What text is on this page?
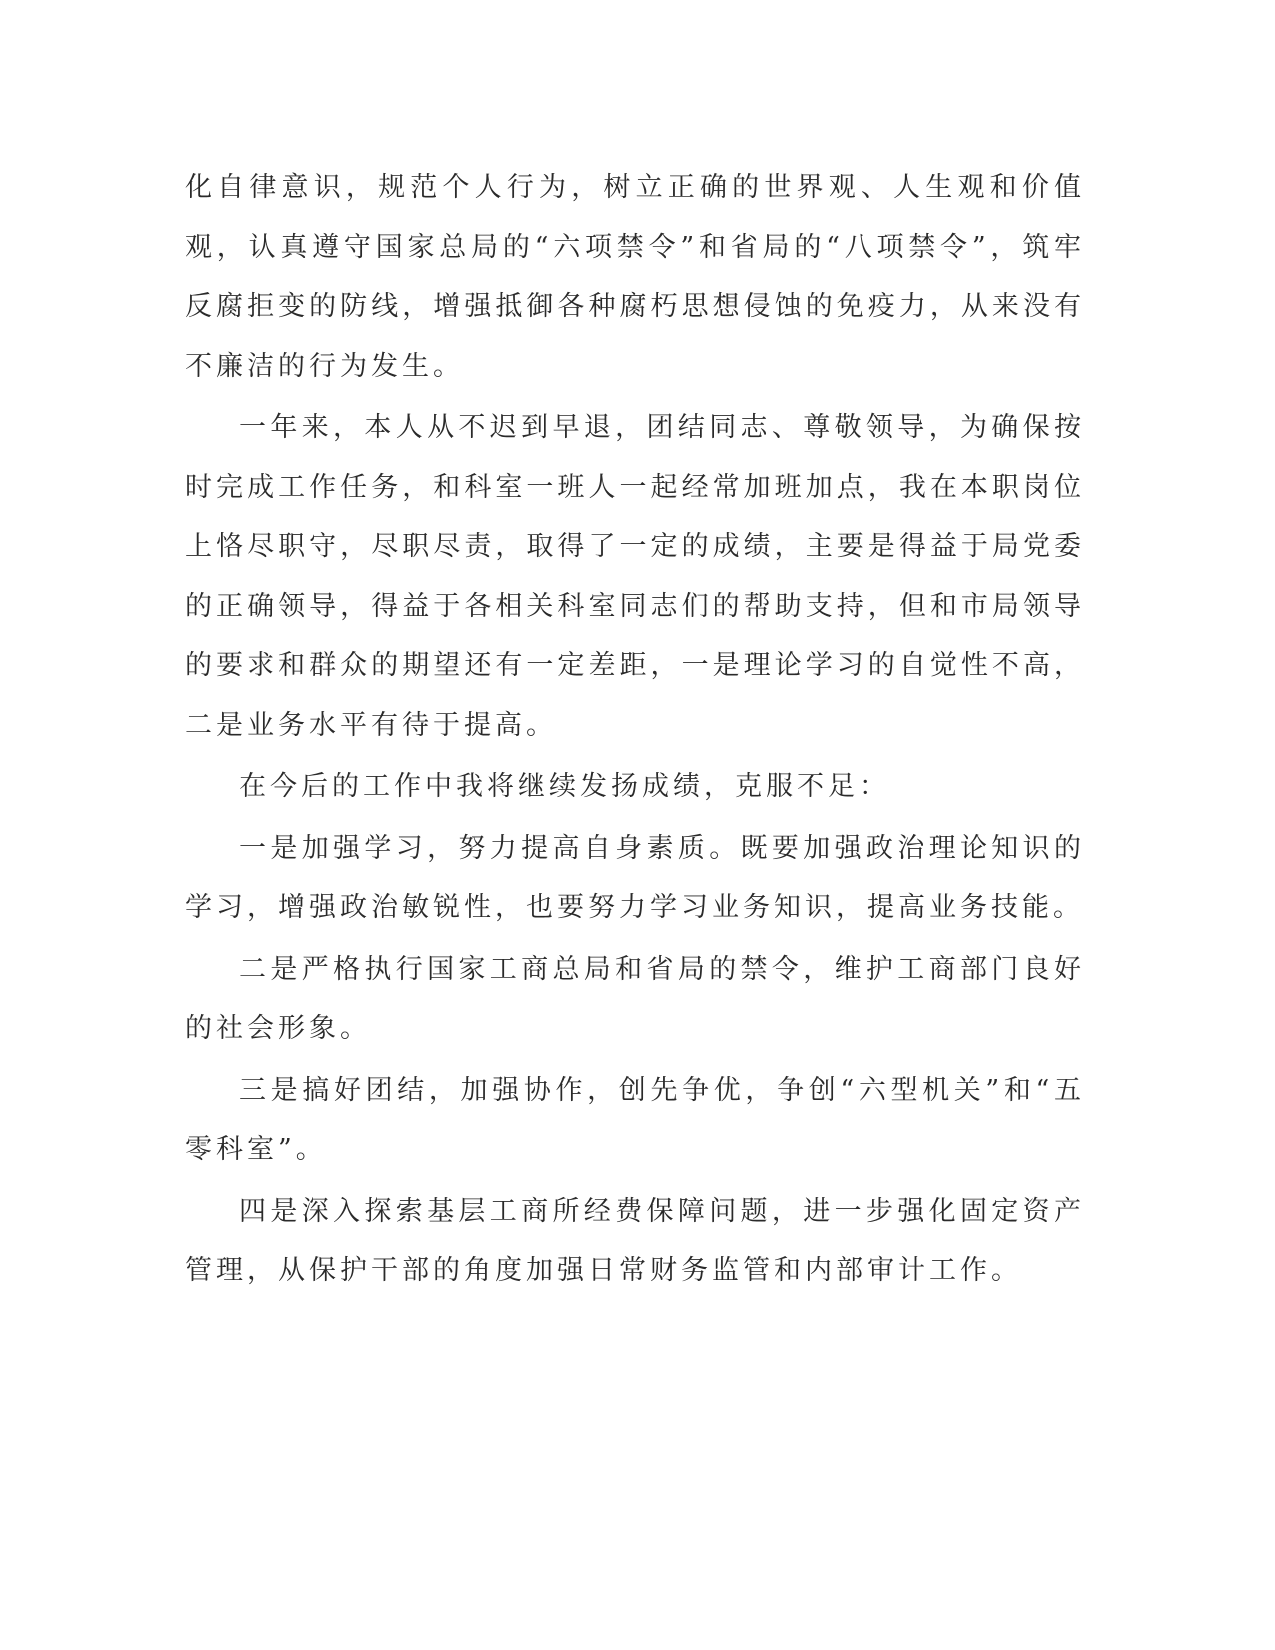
化自律意识，规范个人行为，树立正确的世界观、人生观和价值观，认真遵守国家总局的“六项禁令”和省局的“八项禁令”，筑牢反腐拒变的防线，增强抵御各种腐朽思想侵蚀的免疫力，从来没有不廉洁的行为发生。

一年来，本人从不迟到早退，团结同志、尊敬领导，为确保按时完成工作任务，和科室一班人一起经常加班加点，我在本职岗位上恪尽职守，尽职尽责，取得了一定的成绩，主要是得益于局党委的正确领导，得益于各相关科室同志们的帮助支持，但和市局领导的要求和群众的期望还有一定差距，一是理论学习的自觉性不高，二是业务水平有待于提高。

在今后的工作中我将继续发扬成绩，克服不足：

一是加强学习，努力提高自身素质。既要加强政治理论知识的学习，增强政治敏锐性，也要努力学习业务知识，提高业务技能。

二是严格执行国家工商总局和省局的禁令，维护工商部门良好的社会形象。

三是搞好团结，加强协作，创先争优，争创“六型机关”和“五零科室”。

四是深入探索基层工商所经费保障问题，进一步强化固定资产管理，从保护干部的角度加强日常财务监管和内部审计工作。
